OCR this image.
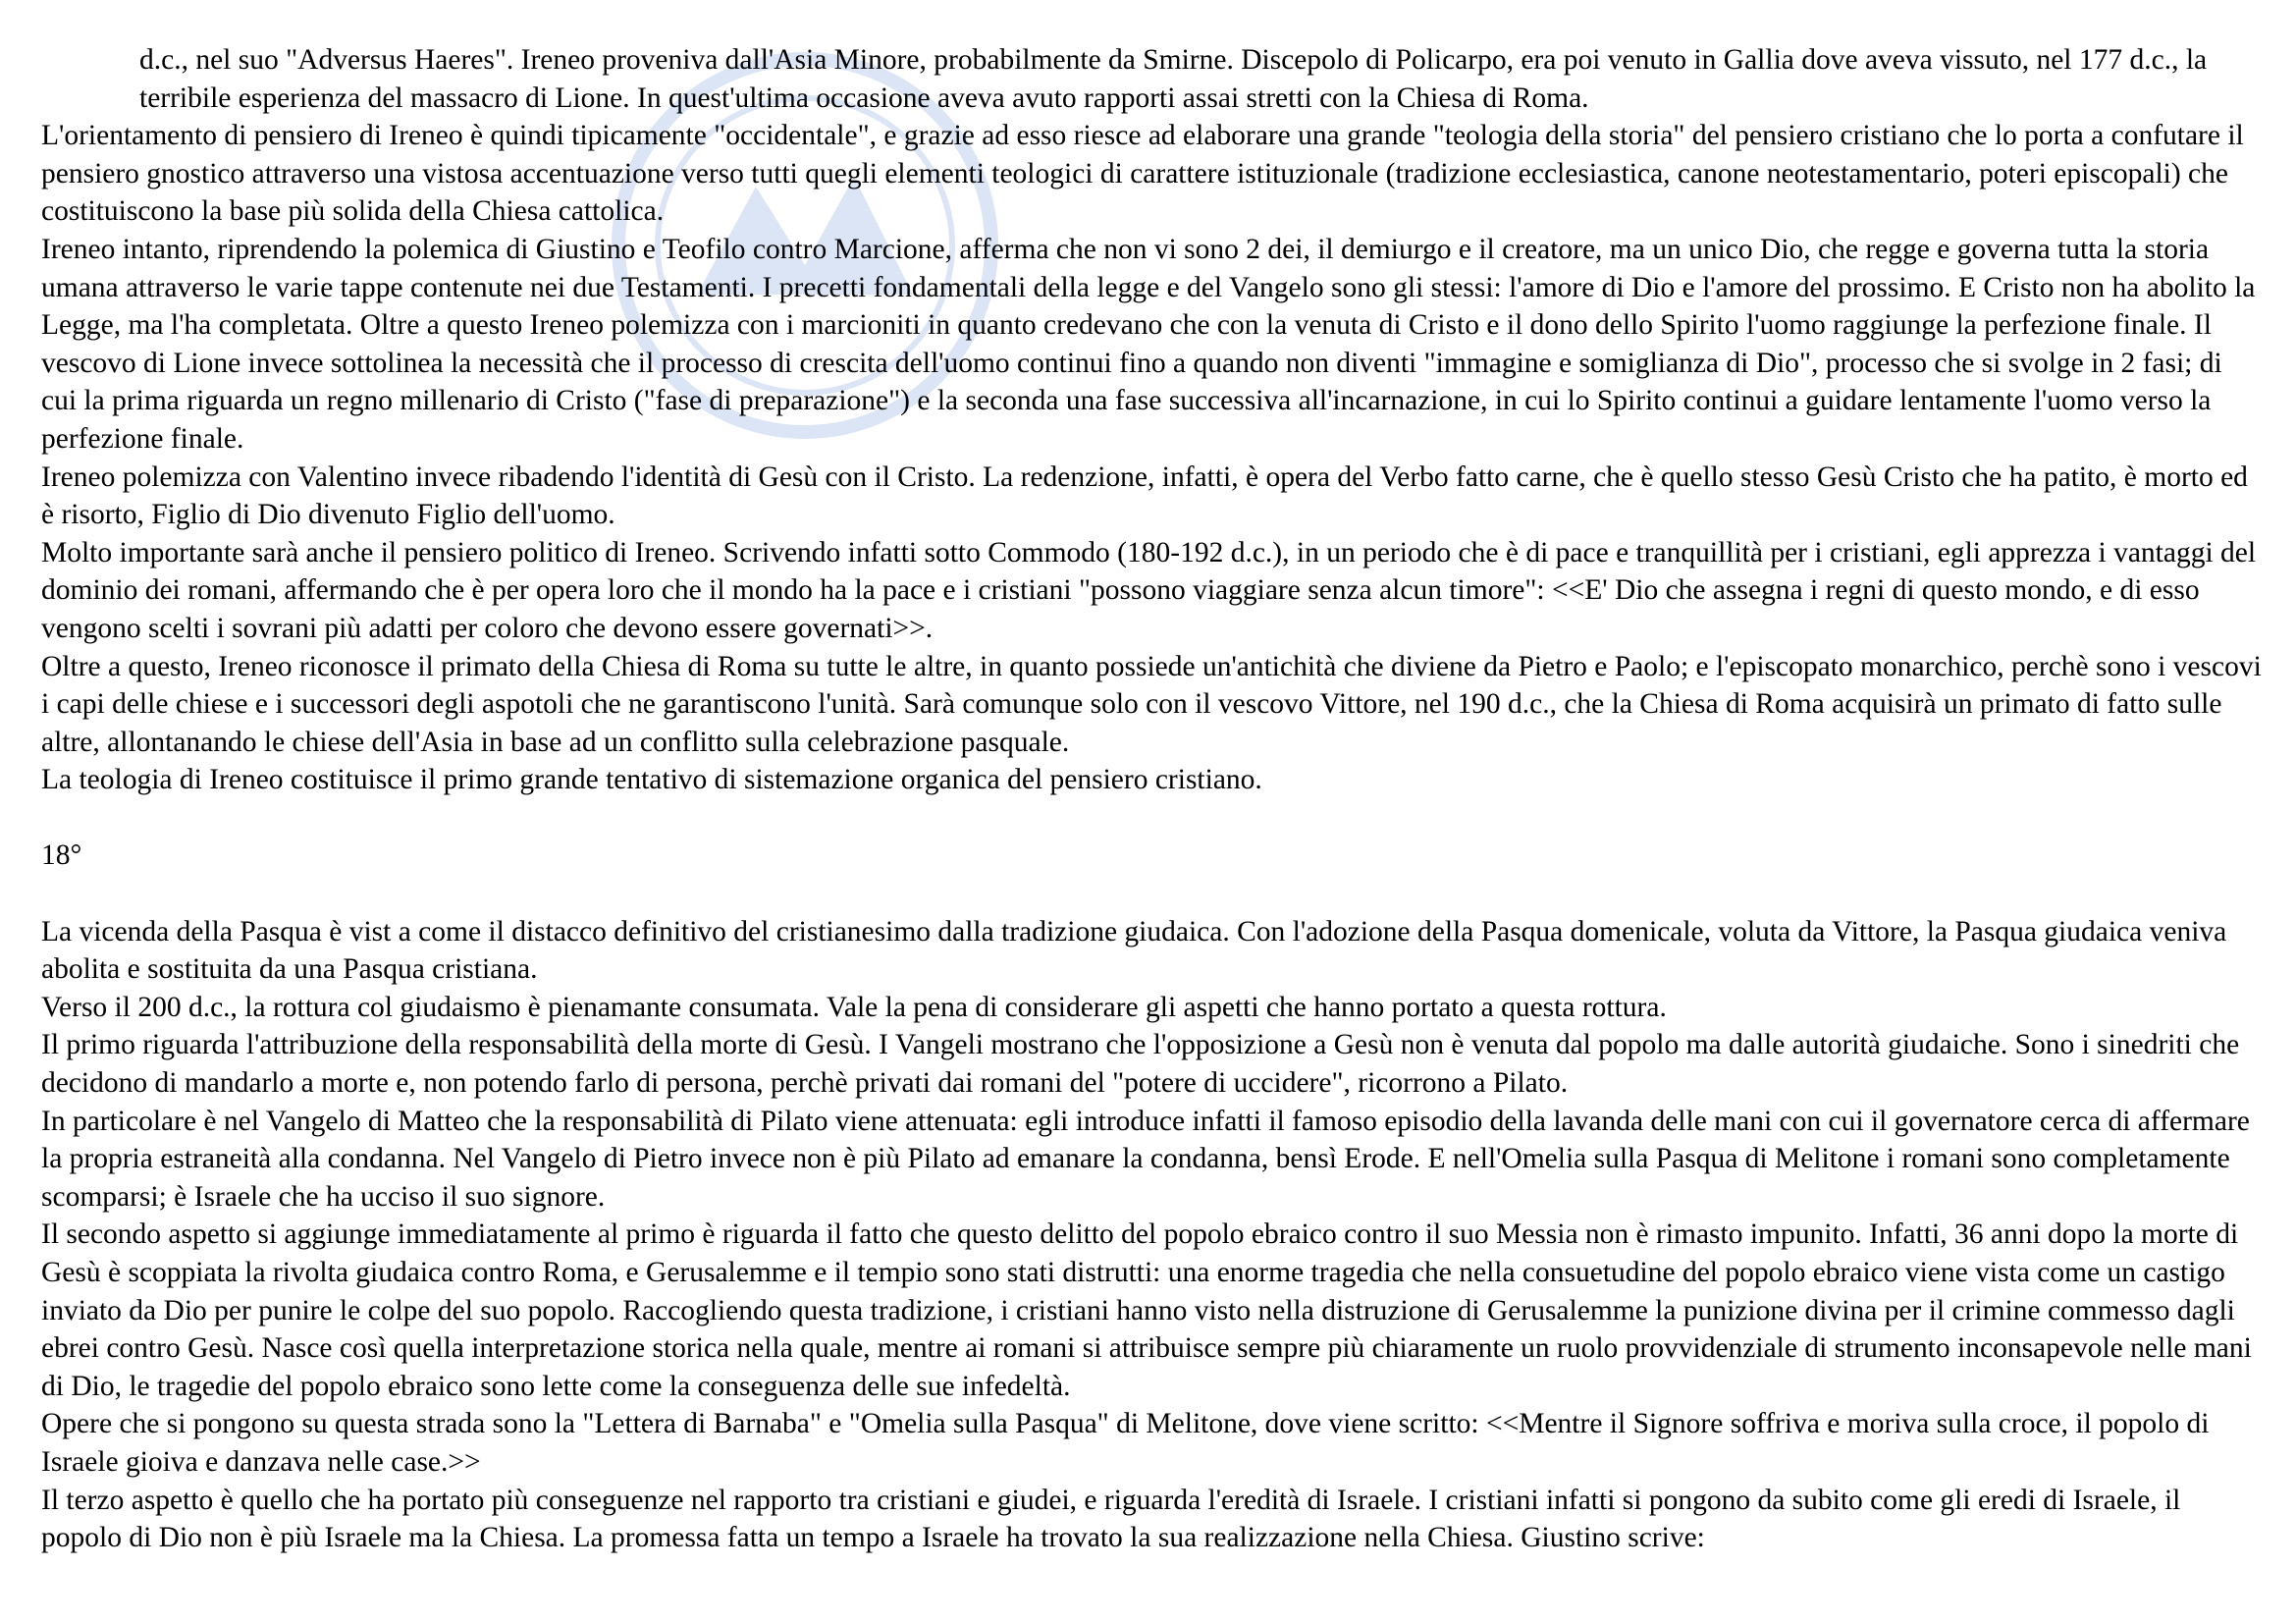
d.c., nel suo "Adversus Haeres". Ireneo proveniva dall'Asia Minore, probabilmente da Smirne. Discepolo di Policarpo, era poi venuto in Gallia dove aveva vissuto, nel 177 d.c., la terribile esperienza del massacro di Lione. In quest'ultima occasione aveva avuto rapporti assai stretti con la Chiesa di Roma.

L'orientamento di pensiero di Ireneo è quindi tipicamente "occidentale", e grazie ad esso riesce ad elaborare una grande "teologia della storia" del pensiero cristiano che lo porta a confutare il pensiero gnostico attraverso una vistosa accentuazione verso tutti quegli elementi teologici di carattere istituzionale (tradizione ecclesiastica, canone neotestamentario, poteri episcopali) che costituiscono la base più solida della Chiesa cattolica.

Ireneo intanto, riprendendo la polemica di Giustino e Teofilo contro Marcione, afferma che non vi sono 2 dei, il demiurgo e il creatore, ma un unico Dio, che regge e governa tutta la storia umana attraverso le varie tappe contenute nei due Testamenti. I precetti fondamentali della legge e del Vangelo sono gli stessi: l'amore di Dio e l'amore del prossimo. E Cristo non ha abolito la Legge, ma l'ha completata. Oltre a questo Ireneo polemizza con i marcioniti in quanto credevano che con la venuta di Cristo e il dono dello Spirito l'uomo raggiunge la perfezione finale. Il vescovo di Lione invece sottolinea la necessità che il processo di crescita dell'uomo continui fino a quando non diventi "immagine e somiglianza di Dio", processo che si svolge in 2 fasi; di cui la prima riguarda un regno millenario di Cristo ("fase di preparazione") e la seconda una fase successiva all'incarnazione, in cui lo Spirito continui a guidare lentamente l'uomo verso la perfezione finale.

Ireneo polemizza con Valentino invece ribadendo l'identità di Gesù con il Cristo. La redenzione, infatti, è opera del Verbo fatto carne, che è quello stesso Gesù Cristo che ha patito, è morto ed è risorto, Figlio di Dio divenuto Figlio dell'uomo.

Molto importante sarà anche il pensiero politico di Ireneo. Scrivendo infatti sotto Commodo (180-192 d.c.), in un periodo che è di pace e tranquillità per i cristiani, egli apprezza i vantaggi del dominio dei romani, affermando che è per opera loro che il mondo ha la pace e i cristiani "possono viaggiare senza alcun timore": <<E' Dio che assegna i regni di questo mondo, e di esso vengono scelti i sovrani più adatti per coloro che devono essere governati>>.

Oltre a questo, Ireneo riconosce il primato della Chiesa di Roma su tutte le altre, in quanto possiede un'antichità che diviene da Pietro e Paolo; e l'episcopato monarchico, perchè sono i vescovi i capi delle chiese e i successori degli aspotoli che ne garantiscono l'unità. Sarà comunque solo con il vescovo Vittore, nel 190 d.c., che la Chiesa di Roma acquisirà un primato di fatto sulle altre, allontanando le chiese dell'Asia in base ad un conflitto sulla celebrazione pasquale.

La teologia di Ireneo costituisce il primo grande tentativo di sistemazione organica del pensiero cristiano.

18°

La vicenda della Pasqua è vist a come il distacco definitivo del cristianesimo dalla tradizione giudaica. Con l'adozione della Pasqua domenicale, voluta da Vittore, la Pasqua giudaica veniva abolita e sostituita da una Pasqua cristiana.

Verso il 200 d.c., la rottura col giudaismo è pienamante consumata. Vale la pena di considerare gli aspetti che hanno portato a questa rottura.

Il primo riguarda l'attribuzione della responsabilità della morte di Gesù. I Vangeli mostrano che l'opposizione a Gesù non è venuta dal popolo ma dalle autorità giudaiche. Sono i sinedriti che decidono di mandarlo a morte e, non potendo farlo di persona, perchè privati dai romani del "potere di uccidere", ricorrono a Pilato.

In particolare è nel Vangelo di Matteo che la responsabilità di Pilato viene attenuata: egli introduce infatti il famoso episodio della lavanda delle mani con cui il governatore cerca di affermare la propria estraneità alla condanna. Nel Vangelo di Pietro invece non è più Pilato ad emanare la condanna, bensì Erode. E nell'Omelia sulla Pasqua di Melitone i romani sono completamente scomparsi; è Israele che ha ucciso il suo signore.

Il secondo aspetto si aggiunge immediatamente al primo è riguarda il fatto che questo delitto del popolo ebraico contro il suo Messia non è rimasto impunito. Infatti, 36 anni dopo la morte di Gesù è scoppiata la rivolta giudaica contro Roma, e Gerusalemme e il tempio sono stati distrutti: una enorme tragedia che nella consuetudine del popolo ebraico viene vista come un castigo inviato da Dio per punire le colpe del suo popolo. Raccogliendo questa tradizione, i cristiani hanno visto nella distruzione di Gerusalemme la punizione divina per il crimine commesso dagli ebrei contro Gesù. Nasce così quella interpretazione storica nella quale, mentre ai romani si attribuisce sempre più chiaramente un ruolo provvidenziale di strumento inconsapevole nelle mani di Dio, le tragedie del popolo ebraico sono lette come la conseguenza delle sue infedeltà.

Opere che si pongono su questa strada sono la "Lettera di Barnaba" e "Omelia sulla Pasqua" di Melitone, dove viene scritto: <<Mentre il Signore soffriva e moriva sulla croce, il popolo di Israele gioiva e danzava nelle case.>>

Il terzo aspetto è quello che ha portato più conseguenze nel rapporto tra cristiani e giudei, e riguarda l'eredità di Israele. I cristiani infatti si pongono da subito come gli eredi di Israele, il popolo di Dio non è più Israele ma la Chiesa. La promessa fatta un tempo a Israele ha trovato la sua realizzazione nella Chiesa. Giustino scrive:
